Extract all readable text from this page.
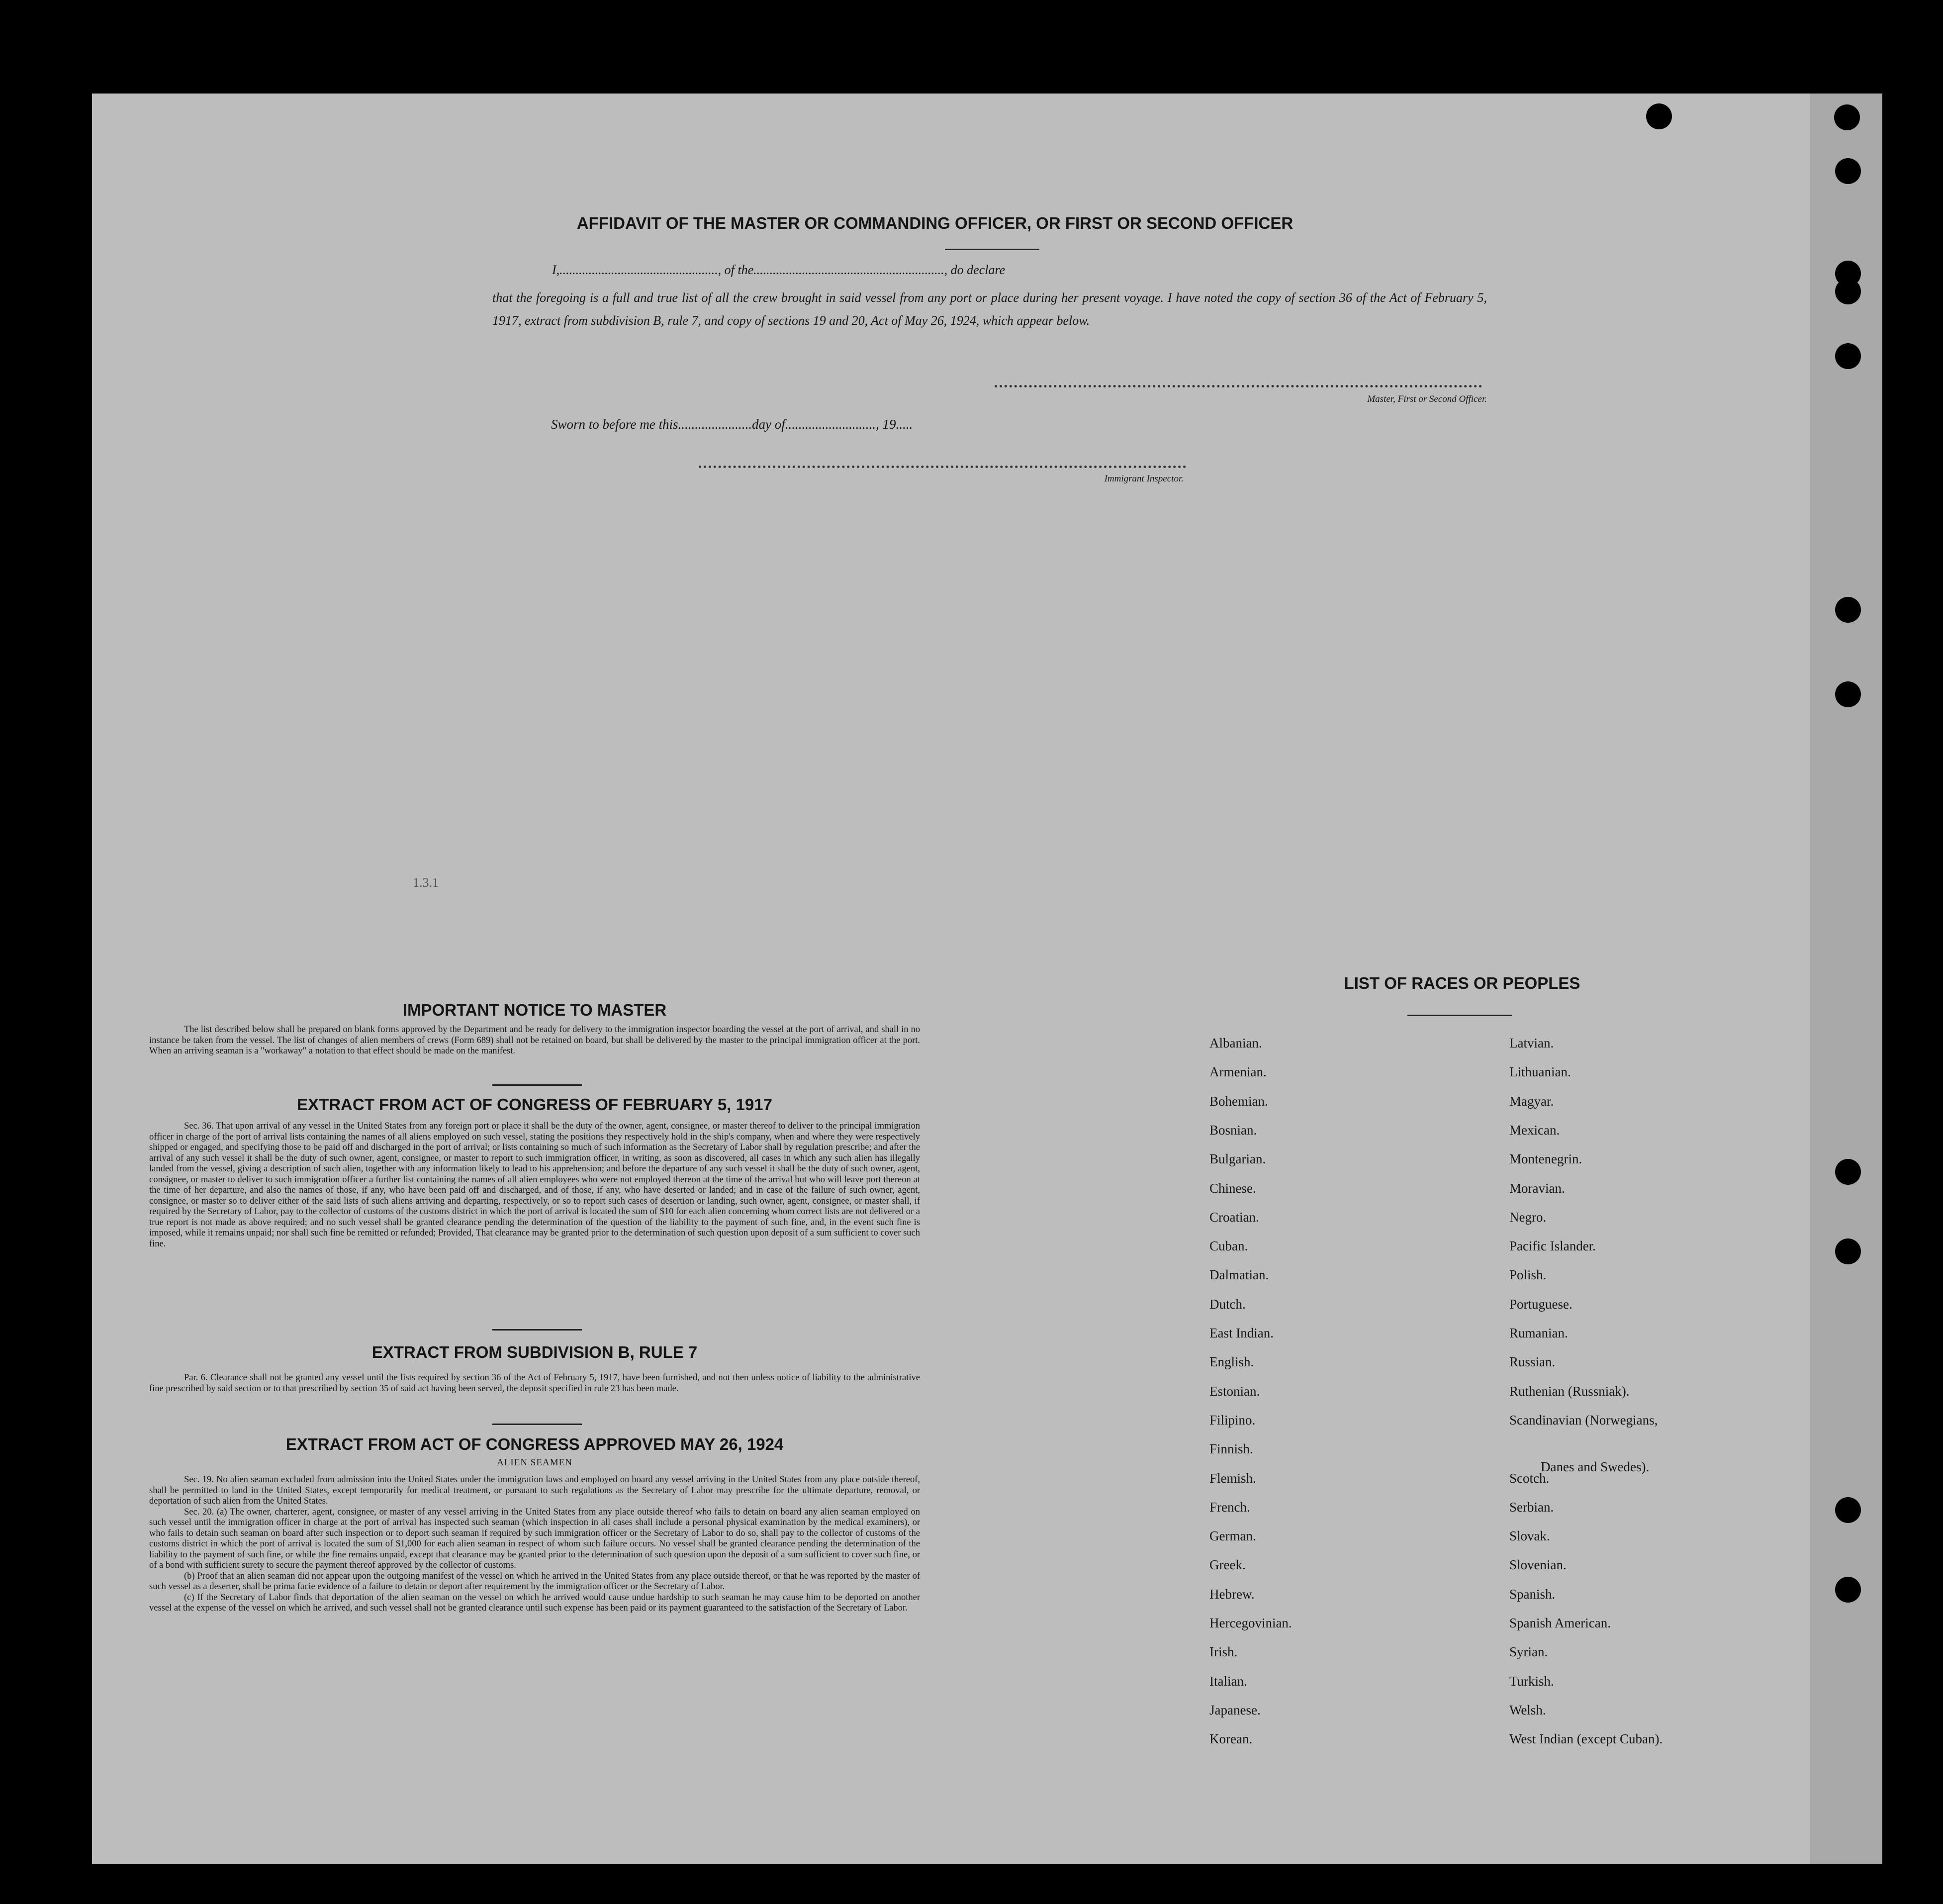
AFFIDAVIT OF THE MASTER OR COMMANDING OFFICER, OR FIRST OR SECOND OFFICER
I,................................................., of the..........................................................., do declare
that the foregoing is a full and true list of all the crew brought in said vessel from any port or place during her present voyage. I have noted the copy of section 36 of the Act of February 5, 1917, extract from subdivision B, rule 7, and copy of sections 19 and 20, Act of May 26, 1924, which appear below.
Master, First or Second Officer.
Sworn to before me this......................day of..........................., 19.....
Immigrant Inspector.
1.3.1
IMPORTANT NOTICE TO MASTER

The list described below shall be prepared on blank forms approved by the Department and be ready for delivery to the immigration inspector boarding the vessel at the port of arrival, and shall in no instance be taken from the vessel. The list of changes of alien members of crews (Form 689) shall not be retained on board, but shall be delivered by the master to the principal immigration officer at the port. When an arriving seaman is a "workaway" a notation to that effect should be made on the manifest.

EXTRACT FROM ACT OF CONGRESS OF FEBRUARY 5, 1917

Sec. 36. That upon arrival of any vessel in the United States from any foreign port or place it shall be the duty of the owner, agent, consignee, or master thereof to deliver to the principal immigration officer in charge of the port of arrival lists containing the names of all aliens employed on such vessel, stating the positions they respectively hold in the ship's company, when and where they were respectively shipped or engaged, and specifying those to be paid off and discharged in the port of arrival; or lists containing so much of such information as the Secretary of Labor shall by regulation prescribe; and after the arrival of any such vessel it shall be the duty of such owner, agent, consignee, or master to report to such immigration officer, in writing, as soon as discovered, all cases in which any such alien has illegally landed from the vessel, giving a description of such alien, together with any information likely to lead to his apprehension; and before the departure of any such vessel it shall be the duty of such owner, agent, consignee, or master to deliver to such immigration officer a further list containing the names of all alien employees who were not employed thereon at the time of the arrival but who will leave port thereon at the time of her departure, and also the names of those, if any, who have been paid off and discharged, and of those, if any, who have deserted or landed; and in case of the failure of such owner, agent, consignee, or master so to deliver either of the said lists of such aliens arriving and departing, respectively, or so to report such cases of desertion or landing, such owner, agent, consignee, or master shall, if required by the Secretary of Labor, pay to the collector of customs of the customs district in which the port of arrival is located the sum of $10 for each alien concerning whom correct lists are not delivered or a true report is not made as above required; and no such vessel shall be granted clearance pending the determination of the question of the liability to the payment of such fine, and, in the event such fine is imposed, while it remains unpaid; nor shall such fine be remitted or refunded; Provided, That clearance may be granted prior to the determination of such question upon deposit of a sum sufficient to cover such fine.

EXTRACT FROM SUBDIVISION B, RULE 7

Par. 6. Clearance shall not be granted any vessel until the lists required by section 36 of the Act of February 5, 1917, have been furnished, and not then unless notice of liability to the administrative fine prescribed by said section or to that prescribed by section 35 of said act having been served, the deposit specified in rule 23 has been made.

EXTRACT FROM ACT OF CONGRESS APPROVED MAY 26, 1924
ALIEN SEAMEN

Sec. 19. No alien seaman excluded from admission into the United States under the immigration laws and employed on board any vessel arriving in the United States from any place outside thereof, shall be permitted to land in the United States, except temporarily for medical treatment, or pursuant to such regulations as the Secretary of Labor may prescribe for the ultimate departure, removal, or deportation of such alien from the United States.

Sec. 20. (a) The owner, charterer, agent, consignee, or master of any vessel arriving in the United States from any place outside thereof who fails to detain on board any alien seaman employed on such vessel until the immigration officer in charge at the port of arrival has inspected such seaman (which inspection in all cases shall include a personal physical examination by the medical examiners), or who fails to detain such seaman on board after such inspection or to deport such seaman if required by such immigration officer or the Secretary of Labor to do so, shall pay to the collector of customs of the customs district in which the port of arrival is located the sum of $1,000 for each alien seaman in respect of whom such failure occurs. No vessel shall be granted clearance pending the determination of the liability to the payment of such fine, or while the fine remains unpaid, except that clearance may be granted prior to the determination of such question upon the deposit of a sum sufficient to cover such fine, or of a bond with sufficient surety to secure the payment thereof approved by the collector of customs.

(b) Proof that an alien seaman did not appear upon the outgoing manifest of the vessel on which he arrived in the United States from any place outside thereof, or that he was reported by the master of such vessel as a deserter, shall be prima facie evidence of a failure to detain or deport after requirement by the immigration officer or the Secretary of Labor.

(c) If the Secretary of Labor finds that deportation of the alien seaman on the vessel on which he arrived would cause undue hardship to such seaman he may cause him to be deported on another vessel at the expense of the vessel on which he arrived, and such vessel shall not be granted clearance until such expense has been paid or its payment guaranteed to the satisfaction of the Secretary of Labor.

LIST OF RACES OR PEOPLES
Albanian.
Armenian.
Bohemian.
Bosnian.
Bulgarian.
Chinese.
Croatian.
Cuban.
Dalmatian.
Dutch.
East Indian.
English.
Estonian.
Filipino.
Finnish.
Flemish.
French.
German.
Greek.
Hebrew.
Hercegovinian.
Irish.
Italian.
Japanese.
Korean.
Latvian.
Lithuanian.
Magyar.
Mexican.
Montenegrin.
Moravian.
Negro.
Pacific Islander.
Polish.
Portuguese.
Rumanian.
Russian.
Ruthenian (Russniak).
Scandinavian (Norwegians,
Danes and Swedes).
Scotch.
Serbian.
Slovak.
Slovenian.
Spanish.
Spanish American.
Syrian.
Turkish.
Welsh.
West Indian (except Cuban).
